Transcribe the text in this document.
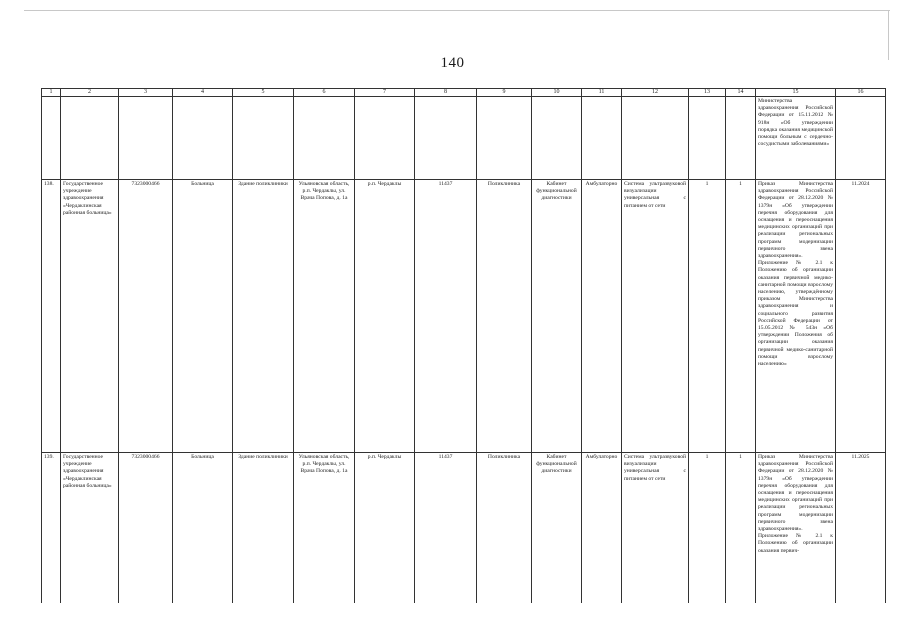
140
1	2	3	4	5	6	7	8	9	10	11	12	13	14	15	16
														Министерства здравоохранения Российской Федерации от 15.11.2012 № 918н «Об утверждении порядка оказания медицинской помощи больным с сердечно-сосудистыми заболеваниями»	
138.	Государственное учреждение здравоохранения «Чердаклинская районная больница»	7323000466	Больница	Здание поликлиники	Ульяновская область, р.п. Чердаклы, ул. Врача Попова, д. 1а	р.п. Чердаклы	11437	Поликлиника	Кабинет функциональной диагностики	Амбулаторно	Система ультразвуковой визуализации универсальная с питанием от сети	1	1	Приказ Министерства здравоохранения Российской Федерации от 28.12.2020 № 1379н «Об утверждении перечня оборудования для оснащения и переоснащения медицинских организаций при реализации региональных программ модернизации первичного звена здравоохранения». Приложение № 2.1 к Положению об организации оказания первичной медико-санитарной помощи взрослому населению, утверждённому приказом Министерства здравоохранения и социального развития Российской Федерации от 15.05.2012 № 543н «Об утверждении Положения об организации оказания первичной медико-санитарной помощи взрослому населению»	11.2024
139.	Государственное учреждение здравоохранения «Чердаклинская районная больница»	7323000466	Больница	Здание поликлиники	Ульяновская область, р.п. Чердаклы, ул. Врача Попова, д. 1а	р.п. Чердаклы	11437	Поликлиника	Кабинет функциональной диагностики	Амбулаторно	Система ультразвуковой визуализации универсальная с питанием от сети	1	1	Приказ Министерства здравоохранения Российской Федерации от 28.12.2020 № 1379н «Об утверждении перечня оборудования для оснащения и переоснащения медицинских организаций при реализации региональных программ модернизации первичного звена здравоохранения». Приложение № 2.1 к Положению об организации оказания первич-	11.2025
